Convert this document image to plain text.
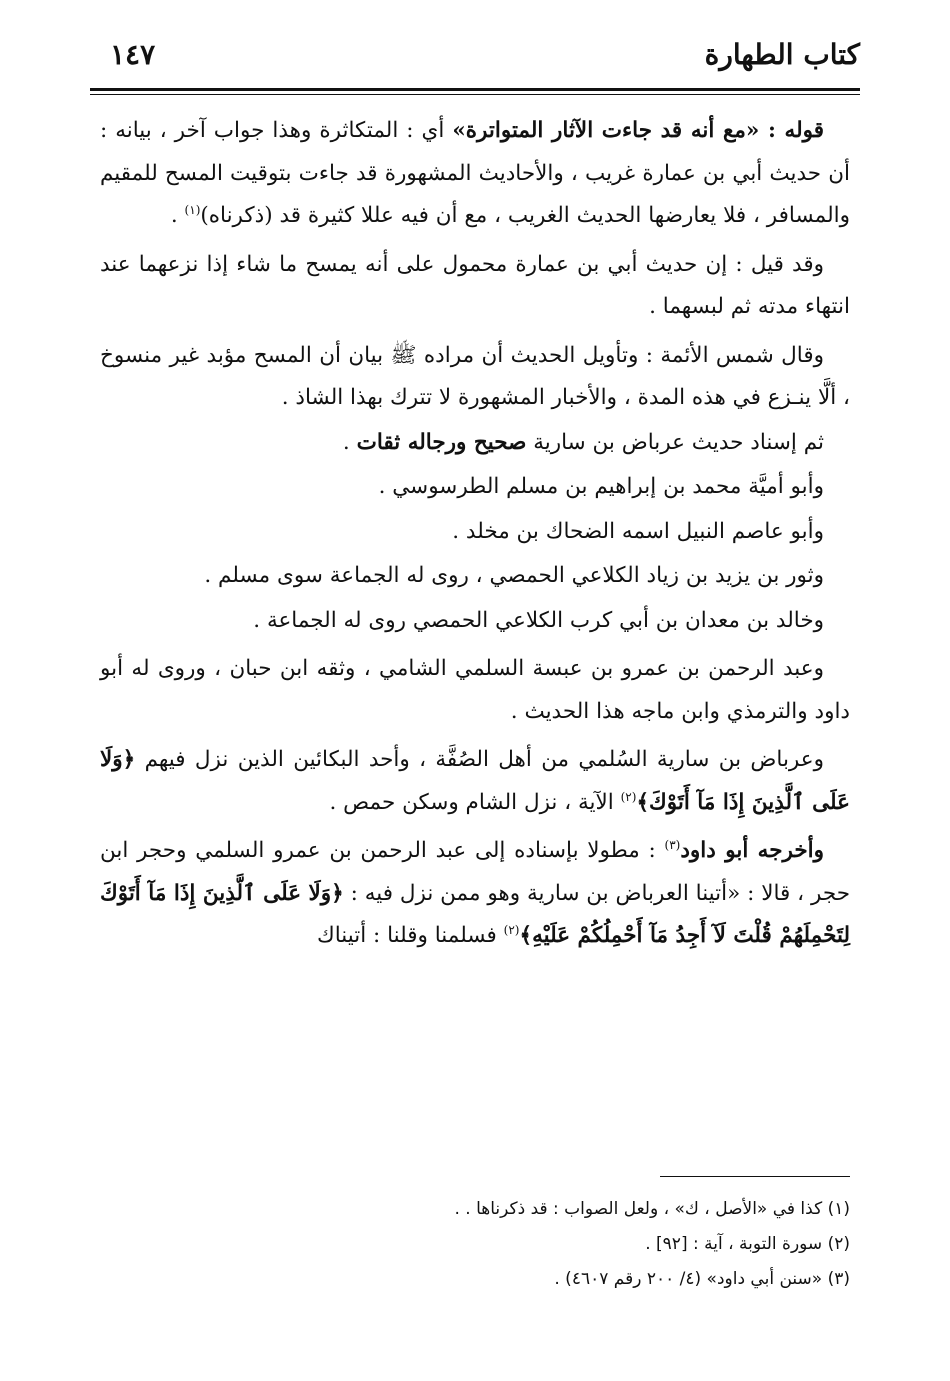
كتاب الطهارة
١٤٧

قوله : «مع أنه قد جاءت الآثار المتواترة» أي : المتكاثرة وهذا جواب آخر ، بيانه : أن حديث أبي بن عمارة غريب ، والأحاديث المشهورة قد جاءت بتوقيت المسح للمقيم والمسافر ، فلا يعارضها الحديث الغريب ، مع أن فيه عللا كثيرة قد (ذكرناه)$^{(١)}$ .

وقد قيل : إن حديث أبي بن عمارة محمول على أنه يمسح ما شاء إذا نزعهما عند انتهاء مدته ثم لبسهما .

وقال شمس الأئمة : وتأويل الحديث أن مراده ﷺ بيان أن المسح مؤبد غير منسوخ ، ألَّا ينـزع في هذه المدة ، والأخبار المشهورة لا تترك بهذا الشاذ .

ثم إسناد حديث عرباض بن سارية صحيح ورجاله ثقات .

وأبو أميَّة محمد بن إبراهيم بن مسلم الطرسوسي .

وأبو عاصم النبيل اسمه الضحاك بن مخلد .

وثور بن يزيد بن زياد الكلاعي الحمصي ، روى له الجماعة سوى مسلم .

وخالد بن معدان بن أبي كرب الكلاعي الحمصي روى له الجماعة .

وعبد الرحمن بن عمرو بن عبسة السلمي الشامي ، وثقه ابن حبان ، وروى له أبو داود والترمذي وابن ماجه هذا الحديث .

وعرباض بن سارية السُلمي من أهل الصُفَّة ، وأحد البكائين الذين نزل فيهم ﴿وَلَا عَلَى ٱلَّذِينَ إِذَا مَآ أَتَوْكَ﴾$^{(٢)}$ الآية ، نزل الشام وسكن حمص .

وأخرجه أبو داود$^{(٣)}$ : مطولا بإسناده إلى عبد الرحمن بن عمرو السلمي وحجر ابن حجر ، قالا : «أتينا العرباض بن سارية وهو ممن نزل فيه : ﴿وَلَا عَلَى ٱلَّذِينَ إِذَا مَآ أَتَوْكَ لِتَحْمِلَهُمْ قُلْتَ لَآ أَجِدُ مَآ أَحْمِلُكُمْ عَلَيْهِ﴾$^{(٢)}$ فسلمنا وقلنا : أتيناك

(١) كذا في «الأصل ، ك» ، ولعل الصواب : قد ذكرناها . .

(٢) سورة التوبة ، آية : [٩٢] .

(٣) «سنن أبي داود» (٤/ ٢٠٠ رقم ٤٦٠٧) .
